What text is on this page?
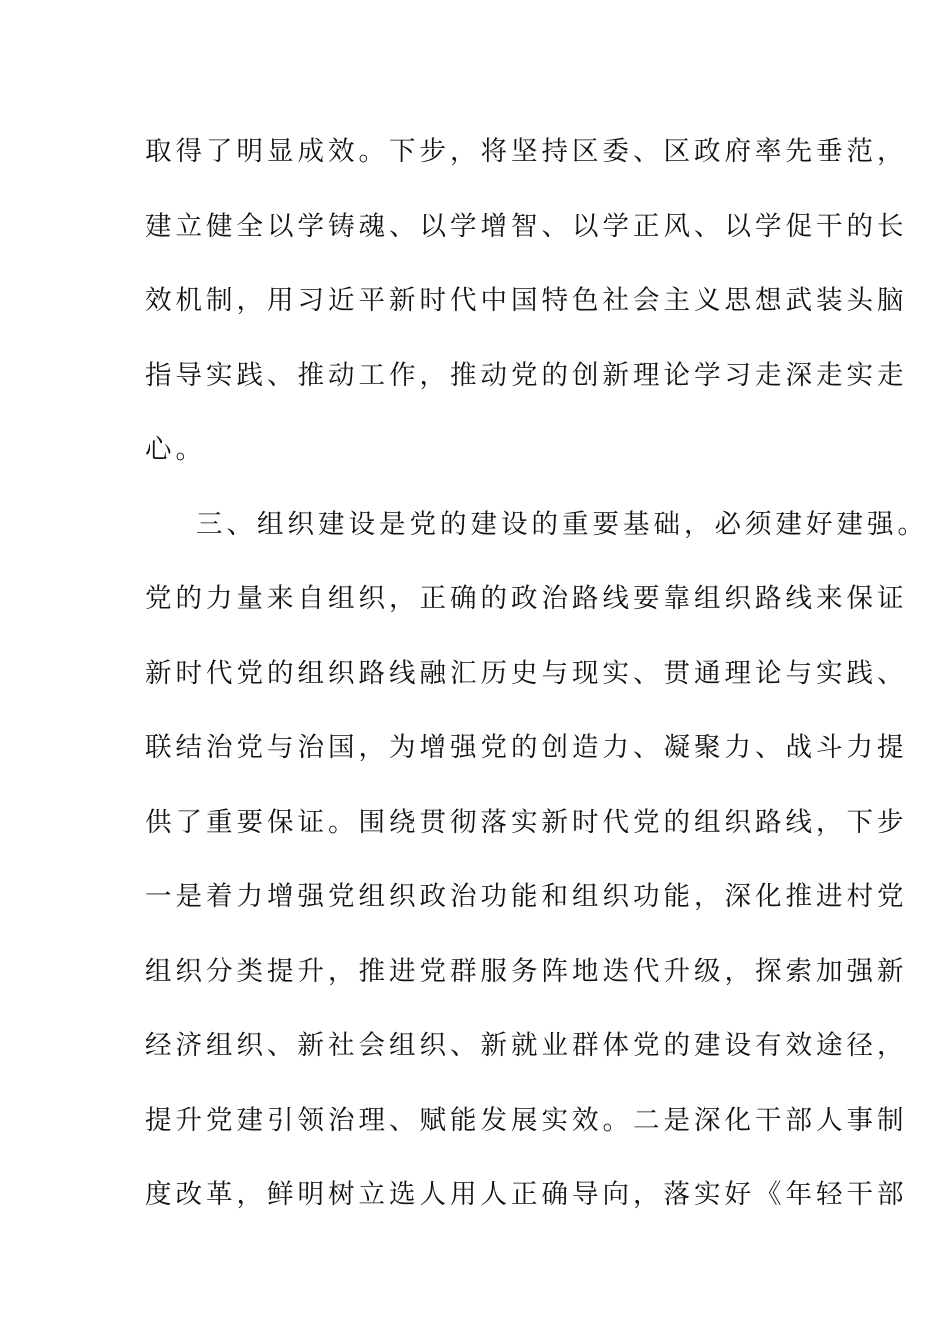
取得了明显成效。下步，将坚持区委、区政府率先垂范，
建立健全以学铸魂、以学增智、以学正风、以学促干的长
效机制，用习近平新时代中国特色社会主义思想武装头脑
指导实践、推动工作，推动党的创新理论学习走深走实走
心。
三、组织建设是党的建设的重要基础，必须建好建强。
党的力量来自组织，正确的政治路线要靠组织路线来保证
新时代党的组织路线融汇历史与现实、贯通理论与实践、
联结治党与治国，为增强党的创造力、凝聚力、战斗力提
供了重要保证。围绕贯彻落实新时代党的组织路线，下步
一是着力增强党组织政治功能和组织功能，深化推进村党
组织分类提升，推进党群服务阵地迭代升级，探索加强新
经济组织、新社会组织、新就业群体党的建设有效途径，
提升党建引领治理、赋能发展实效。二是深化干部人事制
度改革，鲜明树立选人用人正确导向，落实好《年轻干部
